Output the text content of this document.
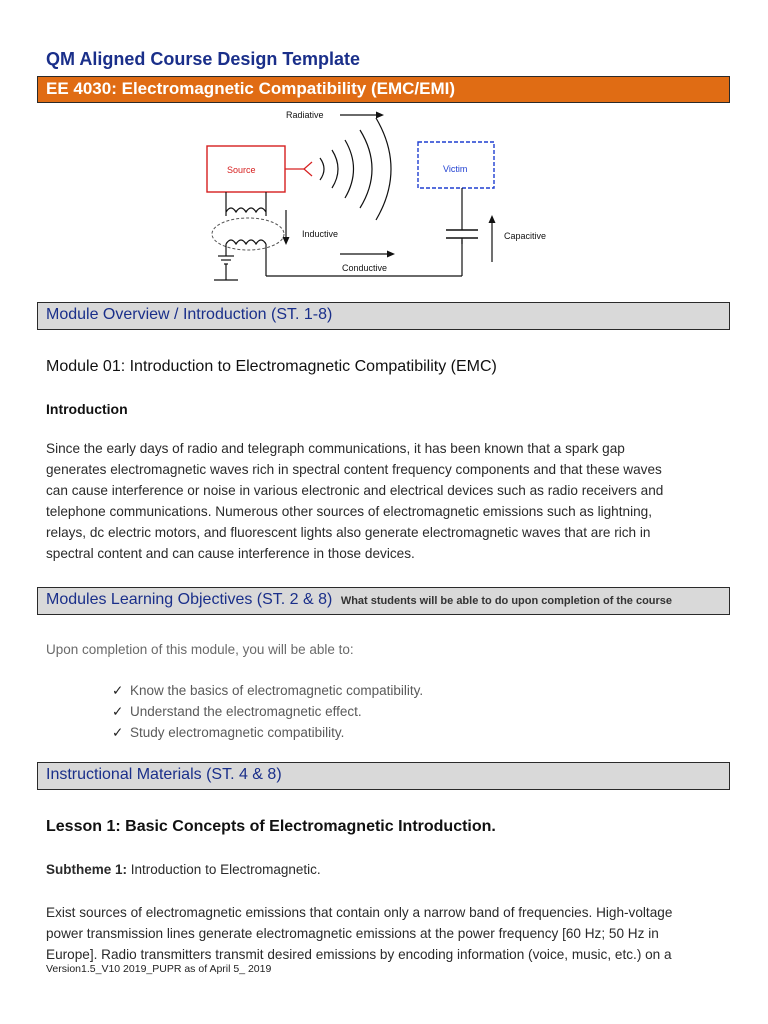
QM Aligned Course Design Template
EE 4030: Electromagnetic Compatibility (EMC/EMI)
Radiative
Source	Victim
Inductive
Conductive
Capacitive
Module Overview / Introduction (ST. 1-8)
Module 01: Introduction to Electromagnetic Compatibility (EMC)
Introduction
Since the early days of radio and telegraph communications, it has been known that a spark gap
generates electromagnetic waves rich in spectral content frequency components and that these waves
can cause interference or noise in various electronic and electrical devices such as radio receivers and
telephone communications. Numerous other sources of electromagnetic emissions such as lightning,
relays, dc electric motors, and fluorescent lights also generate electromagnetic waves that are rich in
spectral content and can cause interference in those devices.
Modules Learning Objectives (ST. 2 & 8) What students will be able to do upon completion of the course
Upon completion of this module, you will be able to:
✓ Know the basics of electromagnetic compatibility.
✓ Understand the electromagnetic effect.
✓ Study electromagnetic compatibility.
Instructional Materials (ST. 4 & 8)
Lesson 1: Basic Concepts of Electromagnetic Introduction.
Subtheme 1: Introduction to Electromagnetic.
Exist sources of electromagnetic emissions that contain only a narrow band of frequencies. High-voltage
power transmission lines generate electromagnetic emissions at the power frequency [60 Hz; 50 Hz in
Europe]. Radio transmitters transmit desired emissions by encoding information (voice, music, etc.) on a
Version1.5_V10 2019_PUPR as of April 5_ 2019
